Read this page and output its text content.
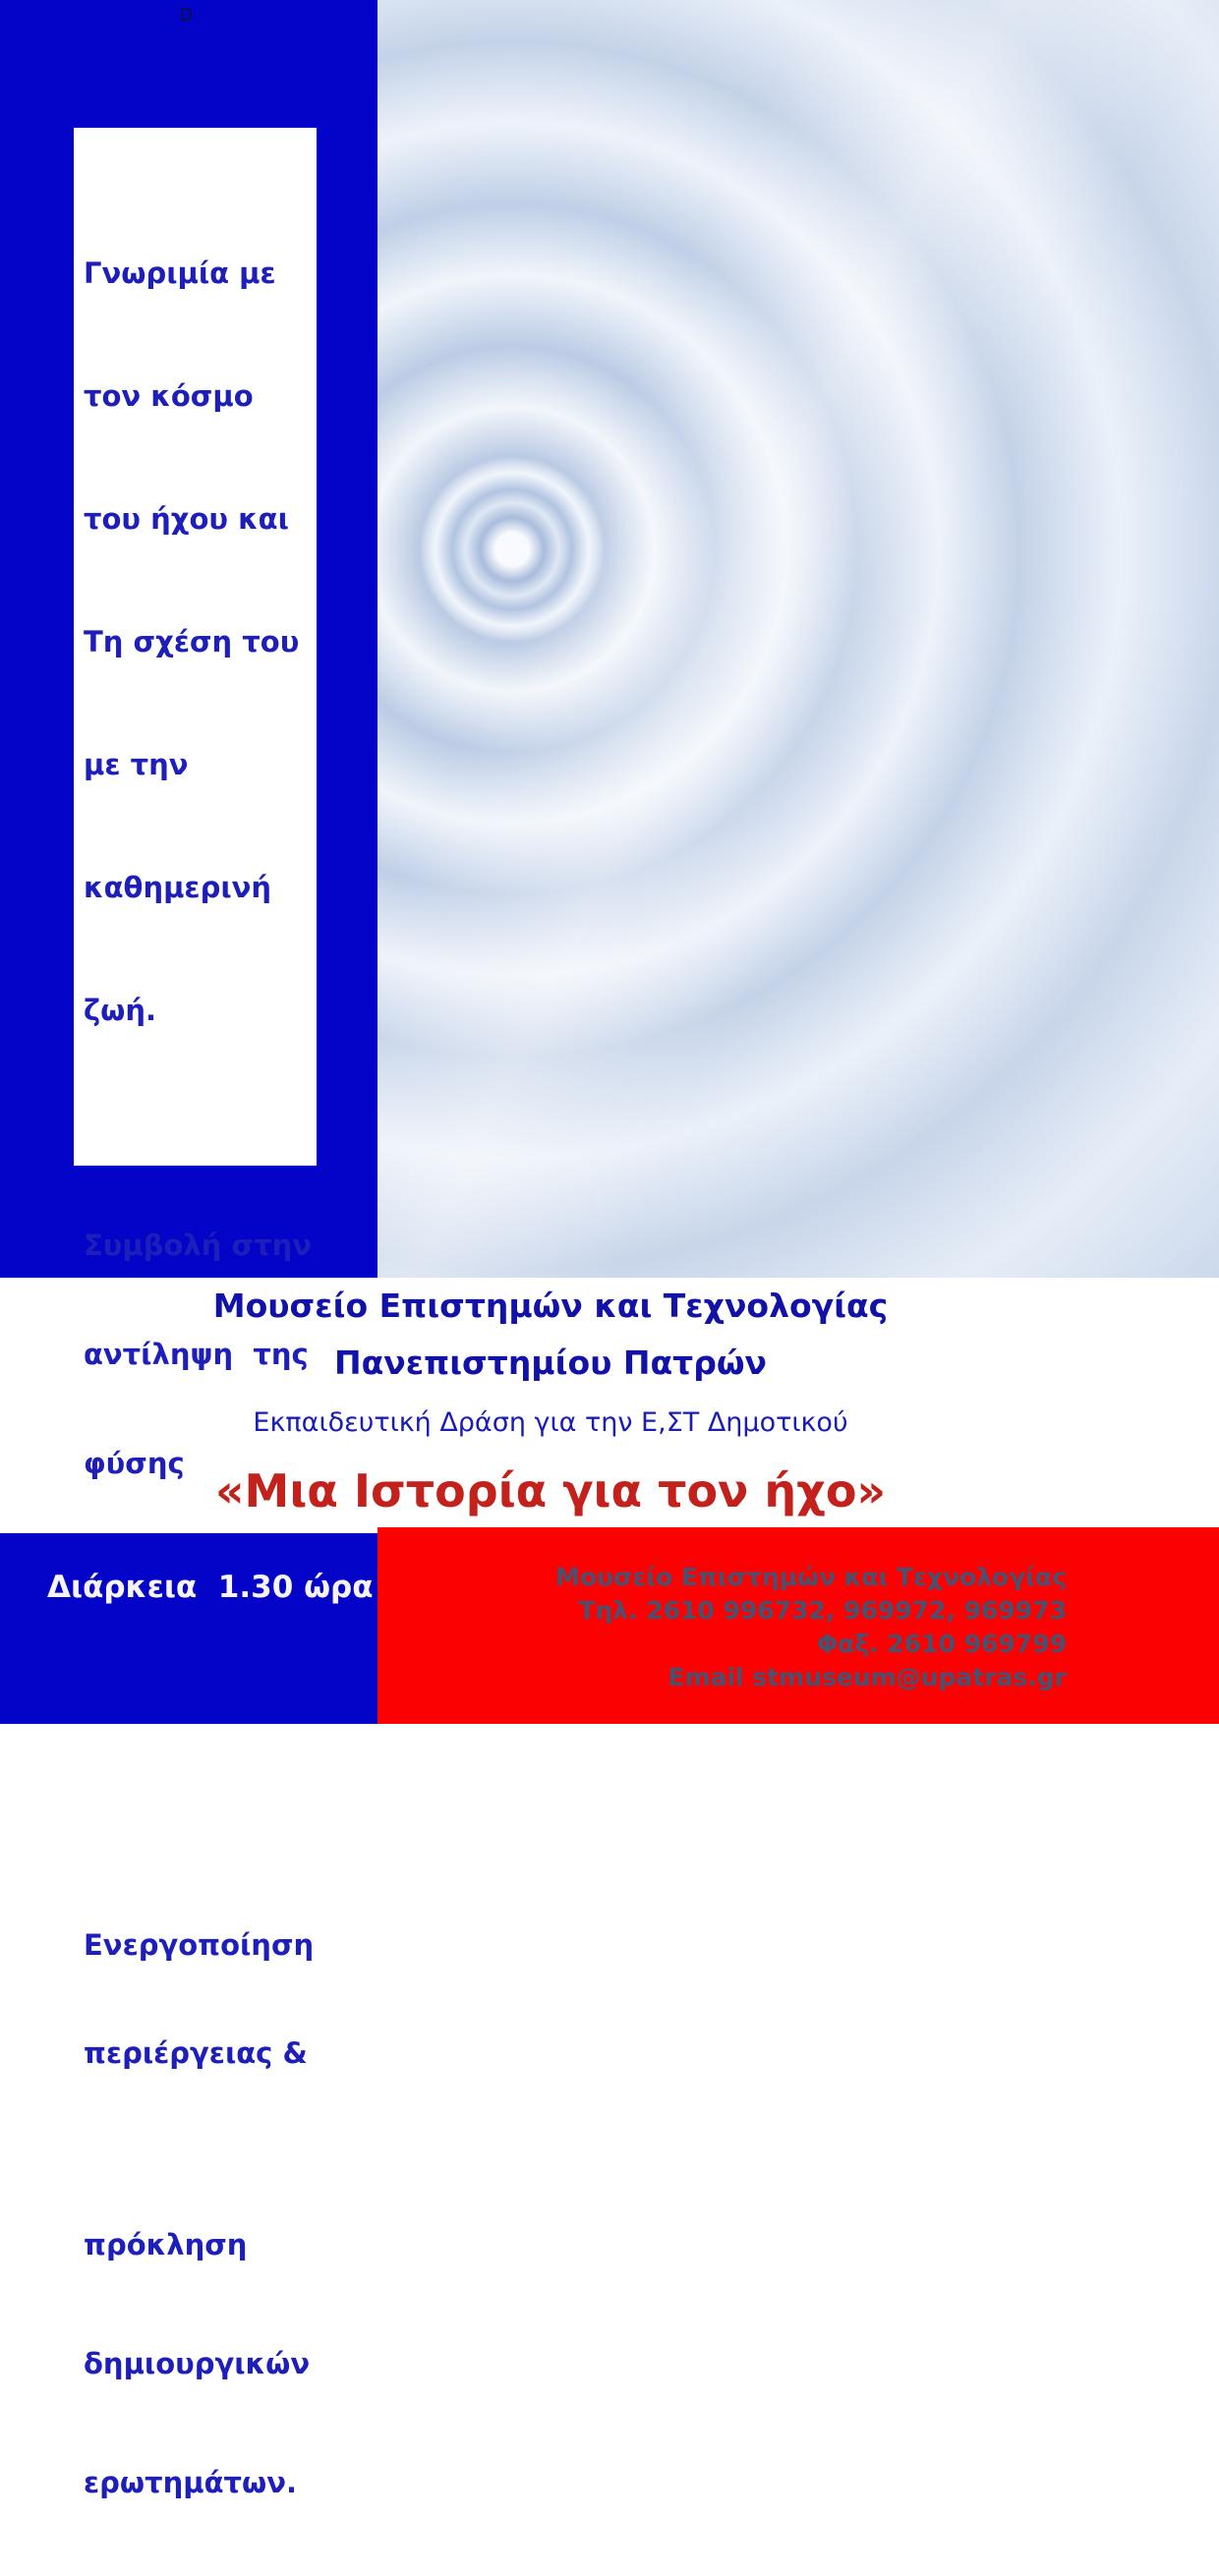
D

Γνωριμία με

τον κόσμο

του ήχου και

Τη σχέση του

με την

καθημερινή

ζωή.

Συμβολή στην

αντίληψη  της

φύσης

Ενεργοποίηση

περιέργειας &

πρόκληση

δημιουργικών

ερωτημάτων.

Μουσείο Επιστημών και Τεχνολογίας
Πανεπιστημίου Πατρών
Εκπαιδευτική Δράση για την Ε,ΣΤ Δημοτικού
«Μια Ιστορία για τον ήχο»
Διάρκεια  1.30 ώρα	Μουσείο Επιστημών και Τεχνολογίας
Τηλ. 2610 996732, 969972, 969973
Φαξ. 2610 969799
Email stmuseum@upatras.gr
